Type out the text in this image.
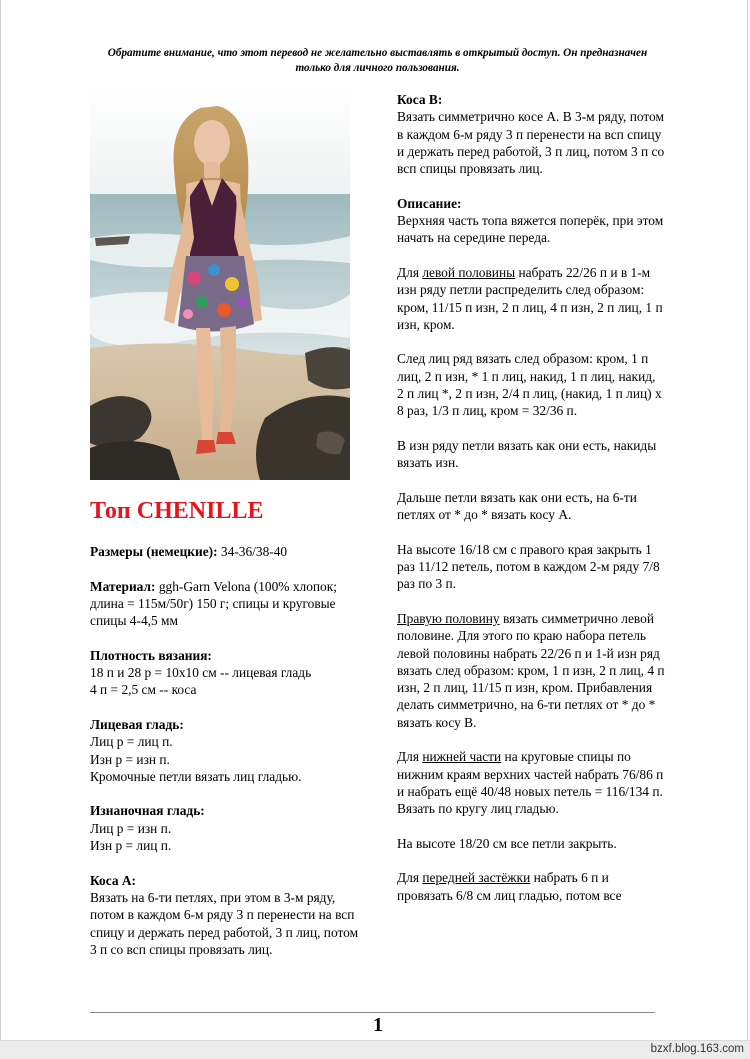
Обратите внимание, что этот перевод не желательно выставлять в открытый доступ. Он предназначен только для личного пользования.
Топ CHENILLE

Размеры (немецкие): 34-36/38-40

Материал: ggh-Garn Velona (100% хлопок; длина = 115м/50г) 150 г; спицы и круговые спицы 4-4,5 мм

Плотность вязания:
18 п и 28 р = 10х10 см -- лицевая гладь
4 п = 2,5 см -- коса

Лицевая гладь:
Лиц р = лиц п.
Изн р = изн п.
Кромочные петли вязать лиц гладью.

Изнаночная гладь:
Лиц р = изн п.
Изн р = лиц п.

Коса А:
Вязать на 6-ти петлях, при этом в 3-м ряду, потом в каждом 6-м ряду 3 п перенести на всп спицу и держать перед работой, 3 п лиц, потом 3 п со всп спицы провязать лиц.

Коса В:
Вязать симметрично косе А. В 3-м ряду, потом в каждом 6-м ряду 3 п перенести на всп спицу и держать перед работой, 3 п лиц, потом 3 п со всп спицы провязать лиц.

Описание:
Верхняя часть топа вяжется поперёк, при этом начать на середине переда.

Для левой половины набрать 22/26 п и в 1-м изн ряду петли распределить след образом: кром, 11/15 п изн, 2 п лиц, 4 п изн, 2 п лиц, 1 п изн, кром.

След лиц ряд вязать след образом: кром, 1 п лиц, 2 п изн, * 1 п лиц, накид, 1 п лиц, накид, 2 п лиц *, 2 п изн, 2/4 п лиц, (накид, 1 п лиц) х 8 раз, 1/3 п лиц, кром = 32/36 п.

В изн ряду петли вязать как они есть, накиды вязать изн.

Дальше петли вязать как они есть, на 6-ти петлях от * до * вязать косу А.

На высоте 16/18 см с правого края закрыть 1 раз 11/12 петель, потом в каждом 2-м ряду 7/8 раз по 3 п.

Правую половину вязать симметрично левой половине. Для этого по краю набора петель левой половины набрать 22/26 п и 1-й изн ряд вязать след образом: кром, 1 п изн, 2 п лиц, 4 п изн, 2 п лиц, 11/15 п изн, кром. Прибавления делать симметрично, на 6-ти петлях от * до * вязать косу В.

Для нижней части на круговые спицы по нижним краям верхних частей набрать 76/86 п и набрать ещё 40/48 новых петель = 116/134 п. Вязать по кругу лиц гладью.

На высоте 18/20 см все петли закрыть.

Для передней застёжки набрать 6 п и провязать 6/8 см лиц гладью, потом все

1
bzxf.blog.163.com
